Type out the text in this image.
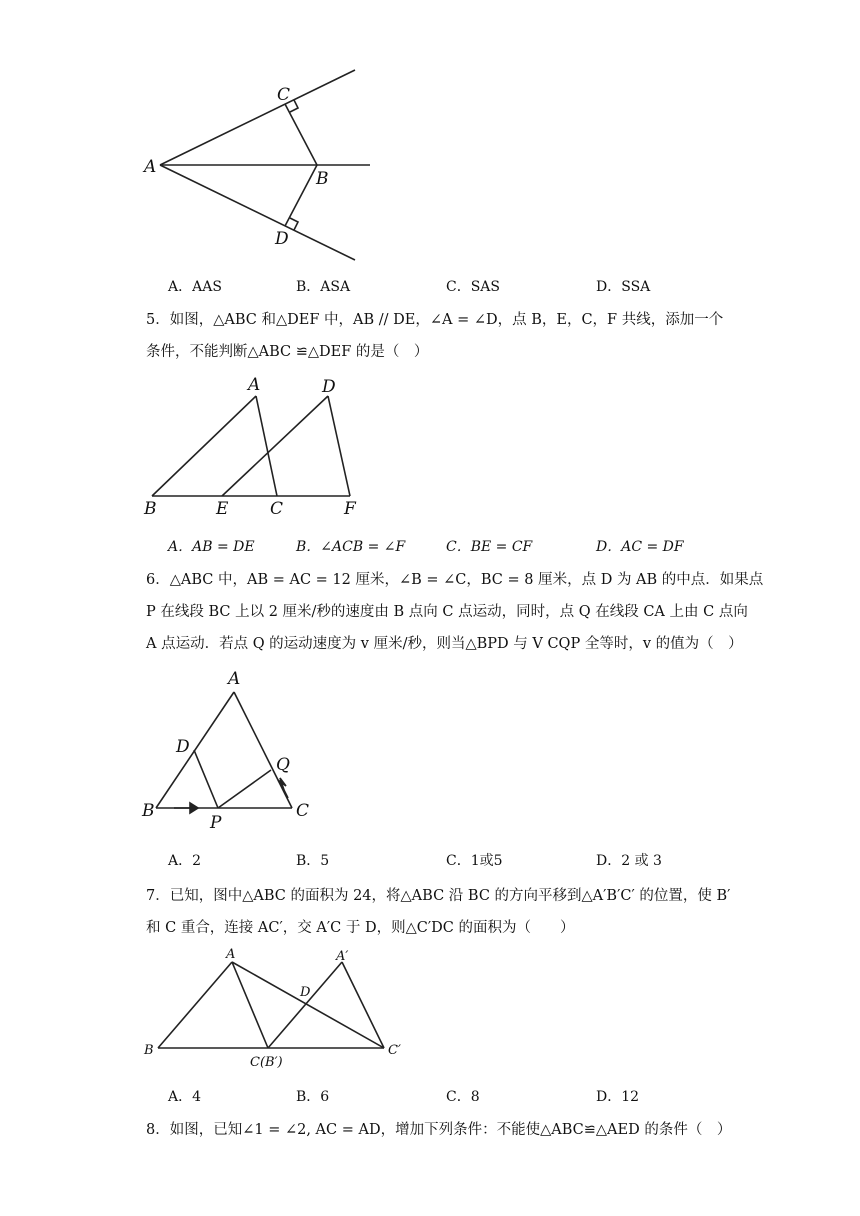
A
C
B
D
A．AAS	B．ASA	C．SAS	D．SSA
5．如图，△ABC 和△DEF 中，AB // DE，∠A = ∠D，点 B，E，C，F 共线，添加一个
条件，不能判断△ABC ≌△DEF 的是（　）
A	D
B	E C	F
A．AB = DE	B．∠ACB = ∠F	C．BE = CF	D．AC = DF
6．△ABC 中，AB = AC = 12 厘米，∠B = ∠C，BC = 8 厘米，点 D 为 AB 的中点．如果点
P 在线段 BC 上以 2 厘米/秒的速度由 B 点向 C 点运动，同时，点 Q 在线段 CA 上由 C 点向
A 点运动．若点 Q 的运动速度为 v 厘米/秒，则当△BPD 与 V CQP 全等时，v 的值为（　）
A
D
Q
B
P
C
A．2	B．5	C．1或5	D．2 或 3
7．已知，图中△ABC 的面积为 24，将△ABC 沿 BC 的方向平移到△A′B′C′ 的位置，使 B′
和 C 重合，连接 AC′，交 A′C 于 D，则△C′DC 的面积为（　　）
A	A′
D
B
C(B′)
C′
A．4	B．6	C．8	D．12
8．如图，已知∠1 = ∠2, AC = AD，增加下列条件：不能使△ABC≌△AED 的条件（　）
